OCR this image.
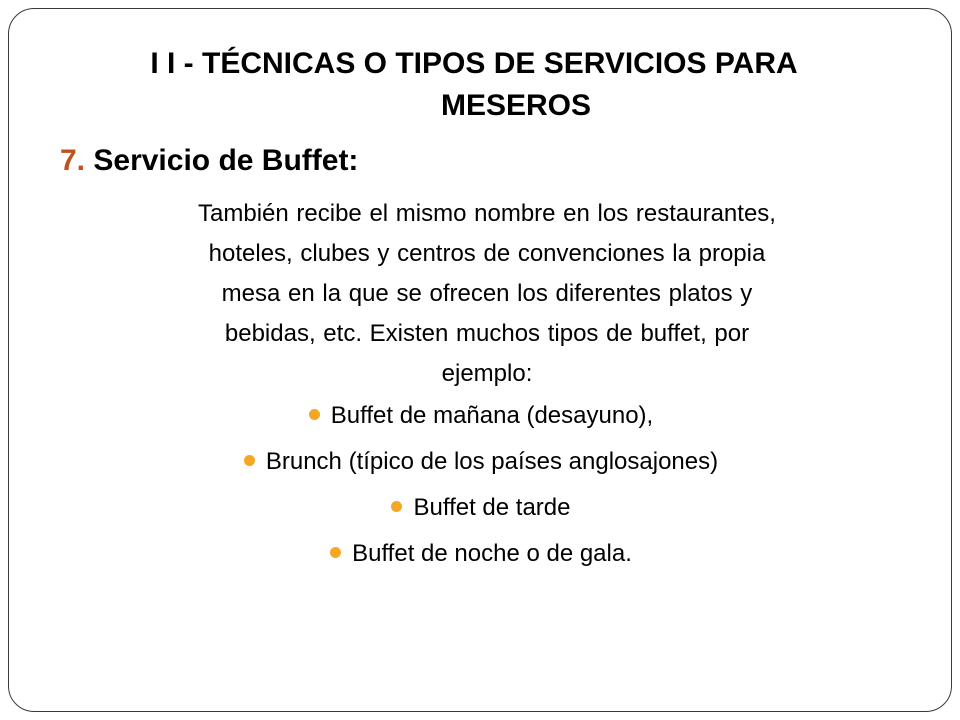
I I - TÉCNICAS O TIPOS DE SERVICIOS PARA
MESEROS
7. Servicio de Buffet:
También recibe el mismo nombre en los restaurantes,
hoteles, clubes y centros de convenciones la propia
mesa en la que se ofrecen los diferentes platos y
bebidas, etc. Existen muchos tipos de buffet, por
ejemplo:
Buffet de mañana (desayuno),
Brunch (típico de los países anglosajones)
Buffet de tarde
Buffet de noche o de gala.
